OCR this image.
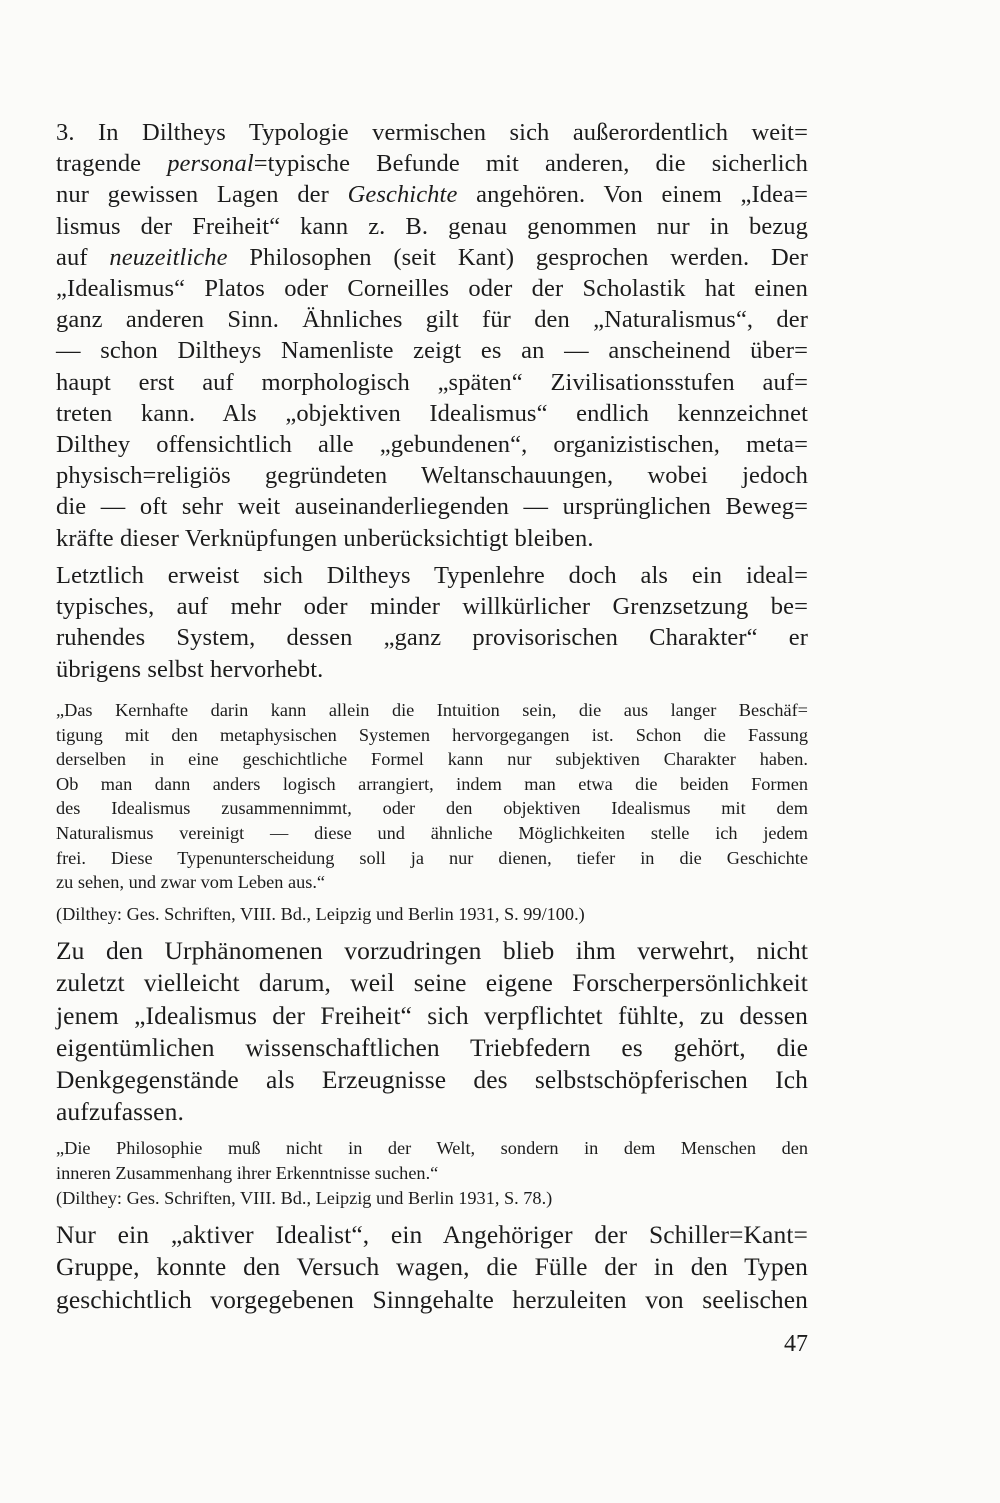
3. In Diltheys Typologie vermischen sich außerordentlich weit=
tragende personal=typische Befunde mit anderen, die sicherlich
nur gewissen Lagen der Geschichte angehören. Von einem „Idea=
lismus der Freiheit“ kann z. B. genau genommen nur in bezug
auf neuzeitliche Philosophen (seit Kant) gesprochen werden. Der
„Idealismus“ Platos oder Corneilles oder der Scholastik hat einen
ganz anderen Sinn. Ähnliches gilt für den „Naturalismus“, der
— schon Diltheys Namenliste zeigt es an — anscheinend über=
haupt erst auf morphologisch „späten“ Zivilisationsstufen auf=
treten kann. Als „objektiven Idealismus“ endlich kennzeichnet
Dilthey offensichtlich alle „gebundenen“, organizistischen, meta=
physisch=religiös gegründeten Weltanschauungen, wobei jedoch
die — oft sehr weit auseinanderliegenden — ursprünglichen Beweg=
kräfte dieser Verknüpfungen unberücksichtigt bleiben.
Letztlich erweist sich Diltheys Typenlehre doch als ein ideal=
typisches, auf mehr oder minder willkürlicher Grenzsetzung be=
ruhendes System, dessen „ganz provisorischen Charakter“ er
übrigens selbst hervorhebt.
„Das Kernhafte darin kann allein die Intuition sein, die aus langer Beschäf=
tigung mit den metaphysischen Systemen hervorgegangen ist. Schon die Fassung
derselben in eine geschichtliche Formel kann nur subjektiven Charakter haben.
Ob man dann anders logisch arrangiert, indem man etwa die beiden Formen
des Idealismus zusammennimmt, oder den objektiven Idealismus mit dem
Naturalismus vereinigt — diese und ähnliche Möglichkeiten stelle ich jedem
frei. Diese Typenunterscheidung soll ja nur dienen, tiefer in die Geschichte
zu sehen, und zwar vom Leben aus.“
(Dilthey: Ges. Schriften, VIII. Bd., Leipzig und Berlin 1931, S. 99/100.)
Zu den Urphänomenen vorzudringen blieb ihm verwehrt, nicht
zuletzt vielleicht darum, weil seine eigene Forscherpersönlichkeit
jenem „Idealismus der Freiheit“ sich verpflichtet fühlte, zu dessen
eigentümlichen wissenschaftlichen Triebfedern es gehört, die
Denkgegenstände als Erzeugnisse des selbstschöpferischen Ich
aufzufassen.
„Die Philosophie muß nicht in der Welt, sondern in dem Menschen den
inneren Zusammenhang ihrer Erkenntnisse suchen.“
(Dilthey: Ges. Schriften, VIII. Bd., Leipzig und Berlin 1931, S. 78.)
Nur ein „aktiver Idealist“, ein Angehöriger der Schiller=Kant=
Gruppe, konnte den Versuch wagen, die Fülle der in den Typen
geschichtlich vorgegebenen Sinngehalte herzuleiten von seelischen
47
